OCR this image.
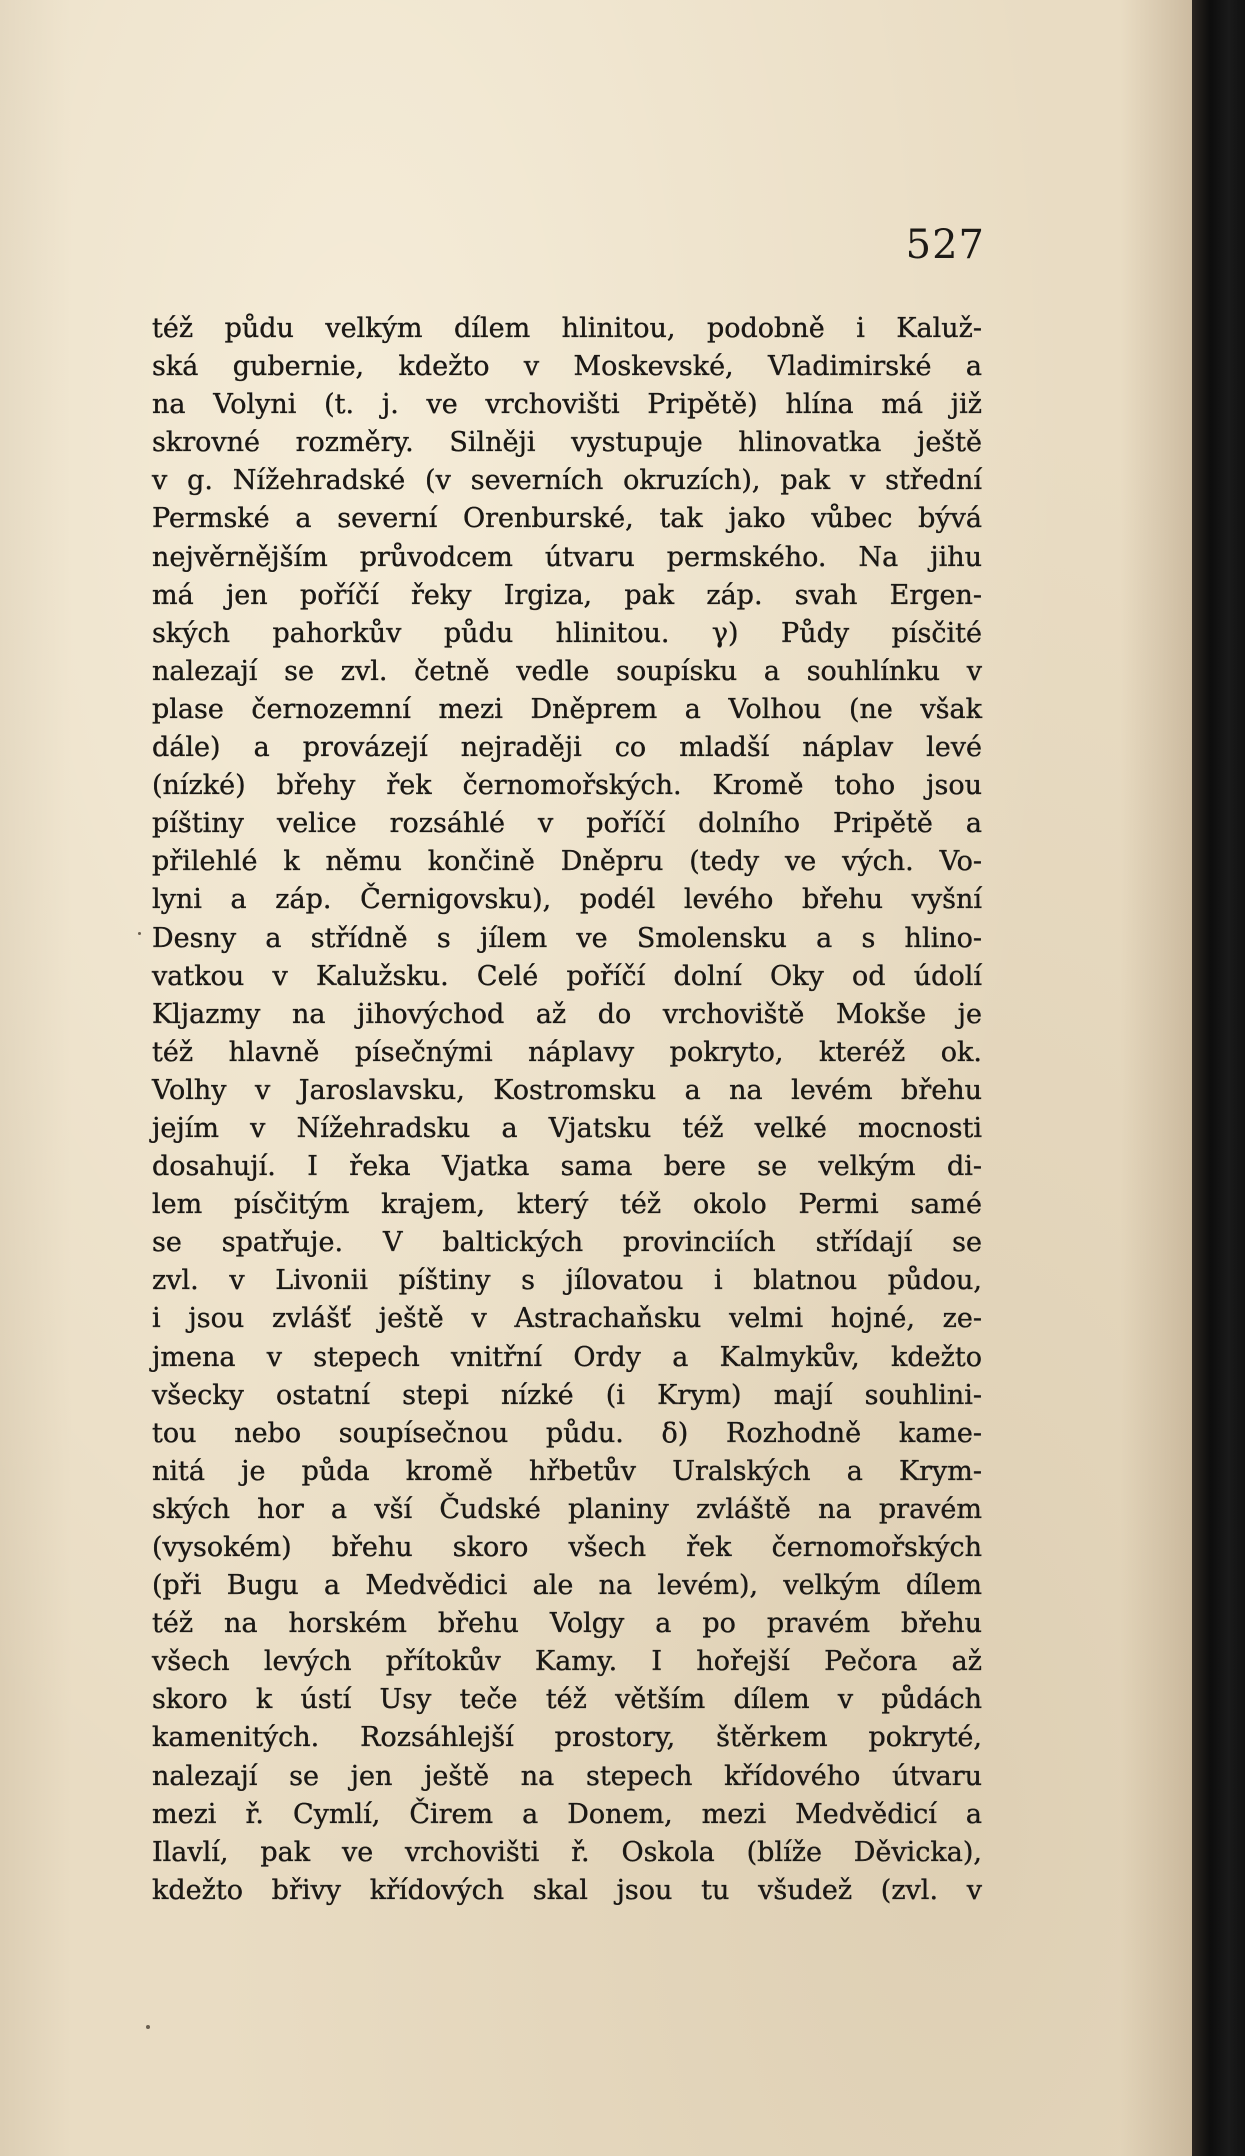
527
též půdu velkým dílem hlinitou, podobně i Kaluž-
ská gubernie, kdežto v Moskevské, Vladimirské a
na Volyni (t. j. ve vrchovišti Pripětě) hlína má již
skrovné rozměry. Silněji vystupuje hlinovatka ještě
v g. Nížehradské (v severních okruzích), pak v střední
Permské a severní Orenburské, tak jako vůbec bývá
nejvěrnějším průvodcem útvaru permského. Na jihu
má jen poříčí řeky Irgiza, pak záp. svah Ergen-
ských pahorkův půdu hlinitou. γ) Půdy písčité
nalezají se zvl. četně vedle soupísku a souhlínku v
plase černozemní mezi Dněprem a Volhou (ne však
dále) a provázejí nejraději co mladší náplav levé
(nízké) břehy řek černomořských. Kromě toho jsou
píštiny velice rozsáhlé v poříčí dolního Pripětě a
přilehlé k němu končině Dněpru (tedy ve vých. Vo-
lyni a záp. Černigovsku), podél levého břehu vyšní
Desny a střídně s jílem ve Smolensku a s hlino-
vatkou v Kalužsku. Celé poříčí dolní Oky od údolí
Kljazmy na jihovýchod až do vrchoviště Mokše je
též hlavně písečnými náplavy pokryto, kteréž ok.
Volhy v Jaroslavsku, Kostromsku a na levém břehu
jejím v Nížehradsku a Vjatsku též velké mocnosti
dosahují. I řeka Vjatka sama bere se velkým di-
lem písčitým krajem, který též okolo Permi samé
se spatřuje. V baltických provinciích střídají se
zvl. v Livonii píštiny s jílovatou i blatnou půdou,
i jsou zvlášť ještě v Astrachaňsku velmi hojné, ze-
jmena v stepech vnitřní Ordy a Kalmykův, kdežto
všecky ostatní stepi nízké (i Krym) mají souhlini-
tou nebo soupísečnou půdu. δ) Rozhodně kame-
nitá je půda kromě hřbetův Uralských a Krym-
ských hor a vší Čudské planiny zvláště na pravém
(vysokém) břehu skoro všech řek černomořských
(při Bugu a Medvědici ale na levém), velkým dílem
též na horském břehu Volgy a po pravém břehu
všech levých přítokův Kamy. I hořejší Pečora až
skoro k ústí Usy teče též větším dílem v půdách
kamenitých. Rozsáhlejší prostory, štěrkem pokryté,
nalezají se jen ještě na stepech křídového útvaru
mezi ř. Cymlí, Čirem a Donem, mezi Medvědicí a
Ilavlí, pak ve vrchovišti ř. Oskola (blíže Děvicka),
kdežto břivy křídových skal jsou tu všudež (zvl. v
